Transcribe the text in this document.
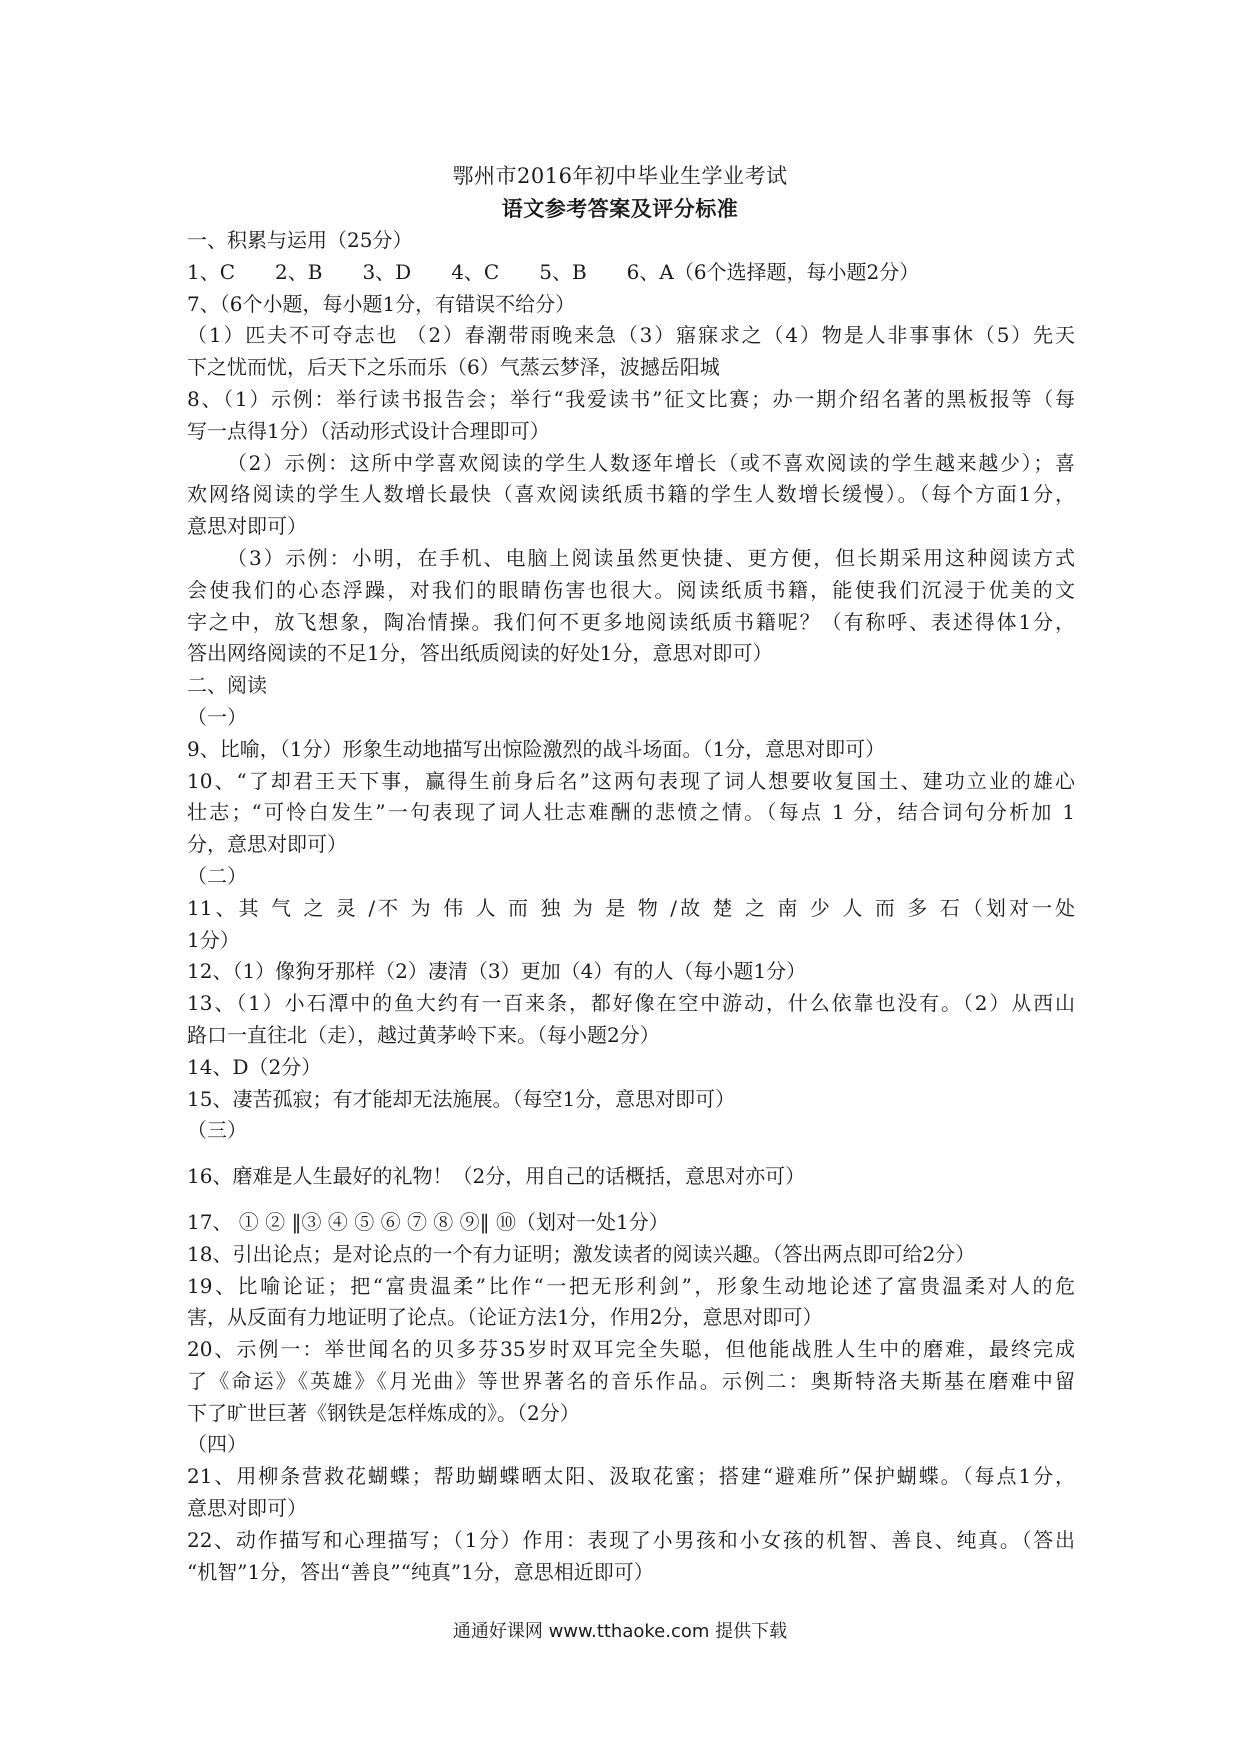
鄂州市2016年初中毕业生学业考试
语文参考答案及评分标准
一、积累与运用（25分）
1、C　　2、B　　3、D　　4、C　　5、B　　6、A（6个选择题，每小题2分）
7、（6个小题，每小题1分，有错误不给分）
（1）匹夫不可夺志也 （2）春潮带雨晚来急（3）寤寐求之（4）物是人非事事休（5）先天
下之忧而忧，后天下之乐而乐（6）气蒸云梦泽，波撼岳阳城
8、（1）示例：举行读书报告会；举行“我爱读书”征文比赛；办一期介绍名著的黑板报等（每
写一点得1分）（活动形式设计合理即可）
（2）示例：这所中学喜欢阅读的学生人数逐年增长（或不喜欢阅读的学生越来越少）；喜
欢网络阅读的学生人数增长最快（喜欢阅读纸质书籍的学生人数增长缓慢）。（每个方面1分，
意思对即可）
（3）示例：小明，在手机、电脑上阅读虽然更快捷、更方便，但长期采用这种阅读方式
会使我们的心态浮躁，对我们的眼睛伤害也很大。阅读纸质书籍，能使我们沉浸于优美的文
字之中，放飞想象，陶冶情操。我们何不更多地阅读纸质书籍呢？（有称呼、表述得体1分，
答出网络阅读的不足1分，答出纸质阅读的好处1分，意思对即可）
二、阅读
（一）
9、比喻，（1分）形象生动地描写出惊险激烈的战斗场面。（1分，意思对即可）
10、“了却君王天下事，赢得生前身后名”这两句表现了词人想要收复国土、建功立业的雄心
壮志；“可怜白发生”一句表现了词人壮志难酬的悲愤之情。（每点 1 分，结合词句分析加 1
分，意思对即可）
（二）
11、其 气 之 灵 /不 为 伟 人 而 独 为 是 物 /故 楚 之 南 少 人 而 多 石（划对一处
1分）
12、（1）像狗牙那样（2）凄清（3）更加（4）有的人（每小题1分）
13、（1）小石潭中的鱼大约有一百来条，都好像在空中游动，什么依靠也没有。（2）从西山
路口一直往北（走），越过黄茅岭下来。（每小题2分）
14、D（2分）
15、凄苦孤寂；有才能却无法施展。（每空1分，意思对即可）
（三）
16、磨难是人生最好的礼物！（2分，用自己的话概括，意思对亦可）
17、 ① ② ‖③ ④ ⑤ ⑥ ⑦ ⑧ ⑨‖ ⑩（划对一处1分）
18、引出论点；是对论点的一个有力证明；激发读者的阅读兴趣。（答出两点即可给2分）
19、比喻论证；把“富贵温柔”比作“一把无形利剑”，形象生动地论述了富贵温柔对人的危
害，从反面有力地证明了论点。（论证方法1分，作用2分，意思对即可）
20、示例一：举世闻名的贝多芬35岁时双耳完全失聪，但他能战胜人生中的磨难，最终完成
了《命运》《英雄》《月光曲》等世界著名的音乐作品。示例二：奥斯特洛夫斯基在磨难中留
下了旷世巨著《钢铁是怎样炼成的》。（2分）
（四）
21、用柳条营救花蝴蝶；帮助蝴蝶晒太阳、汲取花蜜；搭建“避难所”保护蝴蝶。（每点1分，
意思对即可）
22、动作描写和心理描写；（1分）作用：表现了小男孩和小女孩的机智、善良、纯真。（答出
“机智”1分，答出“善良”“纯真”1分，意思相近即可）
通通好课网 www.tthaoke.com 提供下载
